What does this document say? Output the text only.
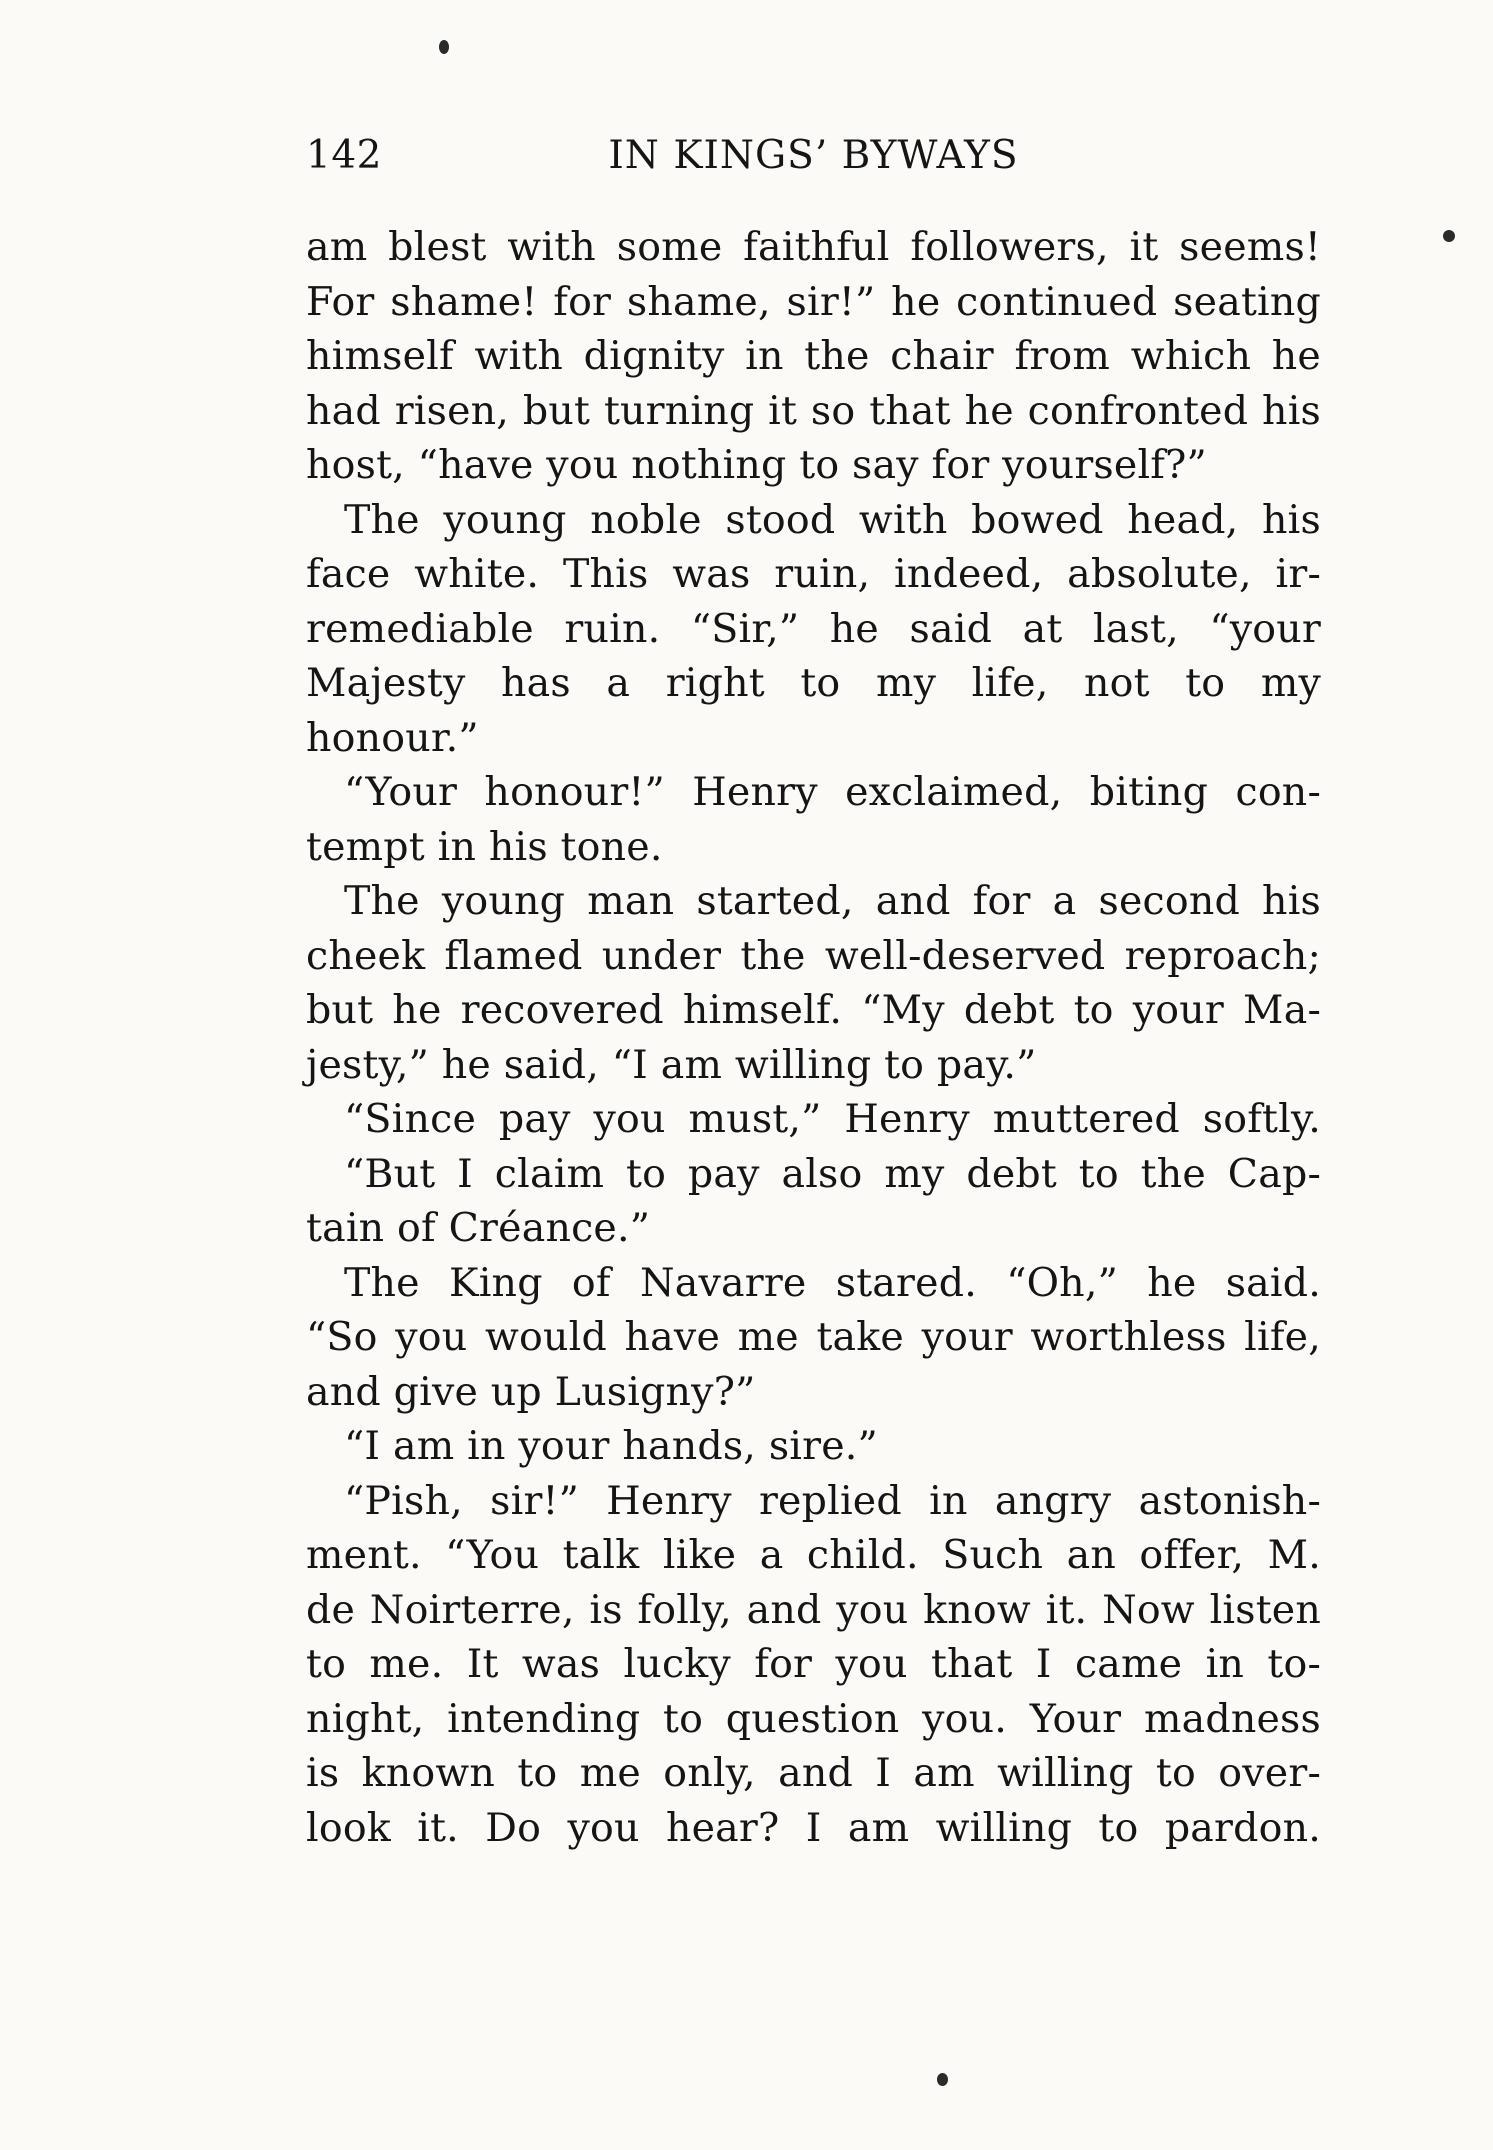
142	IN KINGS’ BYWAYS
am blest with some faithful followers, it seems!
For shame! for shame, sir!” he continued seating
himself with dignity in the chair from which he
had risen, but turning it so that he confronted his
host, “have you nothing to say for yourself?”
The young noble stood with bowed head, his
face white. This was ruin, indeed, absolute, ir-
remediable ruin. “Sir,” he said at last, “your
Majesty has a right to my life, not to my
honour.”
“Your honour!” Henry exclaimed, biting con-
tempt in his tone.
The young man started, and for a second his
cheek flamed under the well-deserved reproach;
but he recovered himself. “My debt to your Ma-
jesty,” he said, “I am willing to pay.”
“Since pay you must,” Henry muttered softly.
“But I claim to pay also my debt to the Cap-
tain of Créance.”
The King of Navarre stared. “Oh,” he said.
“So you would have me take your worthless life,
and give up Lusigny?”
“I am in your hands, sire.”
“Pish, sir!” Henry replied in angry astonish-
ment. “You talk like a child. Such an offer, M.
de Noirterre, is folly, and you know it. Now listen
to me. It was lucky for you that I came in to-
night, intending to question you. Your madness
is known to me only, and I am willing to over-
look it. Do you hear? I am willing to pardon.
